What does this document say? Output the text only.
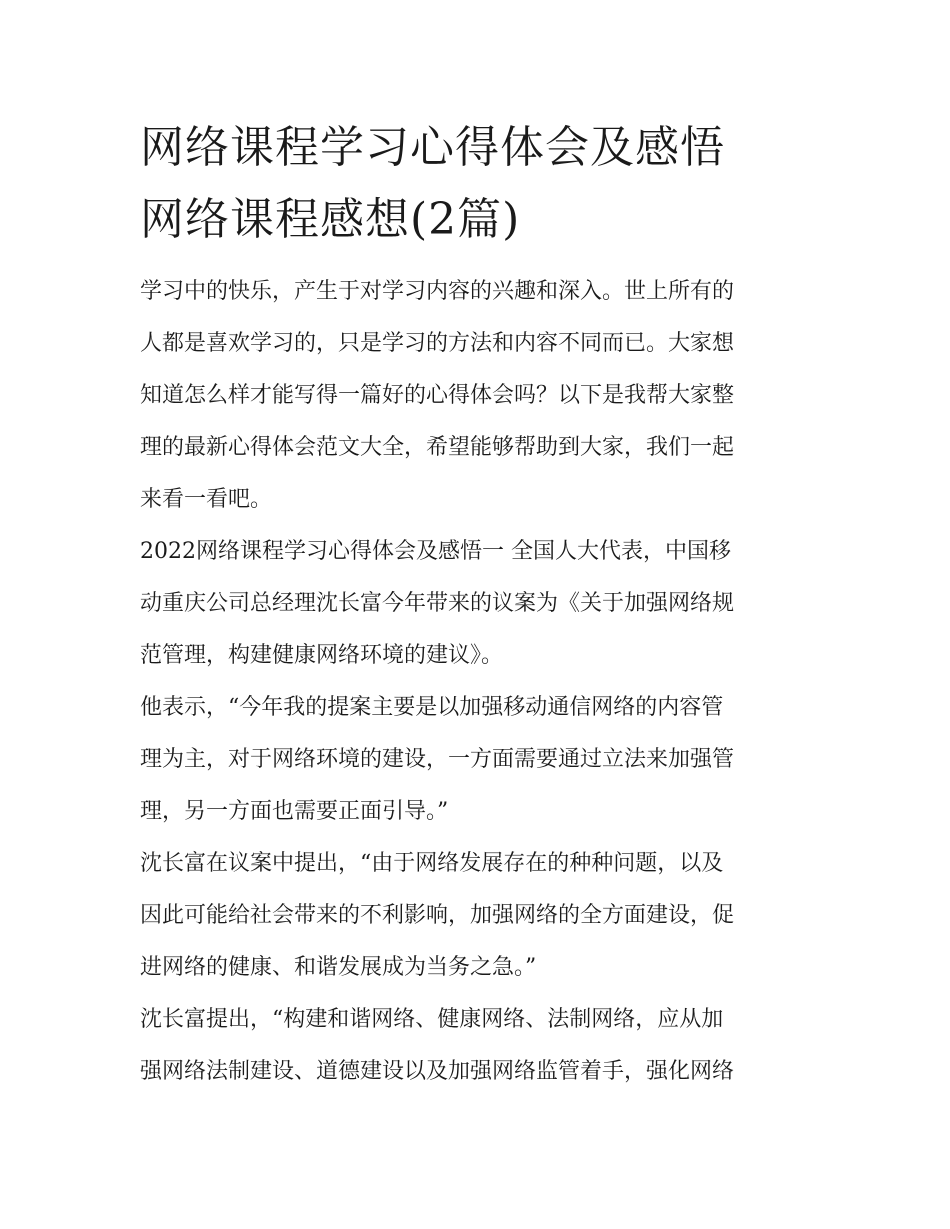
网络课程学习心得体会及感悟
网络课程感想(2篇)

学习中的快乐，产生于对学习内容的兴趣和深入。世上所有的
人都是喜欢学习的，只是学习的方法和内容不同而已。大家想
知道怎么样才能写得一篇好的心得体会吗？以下是我帮大家整
理的最新心得体会范文大全，希望能够帮助到大家，我们一起
来看一看吧。

2022网络课程学习心得体会及感悟一 全国人大代表，中国移
动重庆公司总经理沈长富今年带来的议案为《关于加强网络规
范管理，构建健康网络环境的建议》。

他表示，“今年我的提案主要是以加强移动通信网络的内容管
理为主，对于网络环境的建设，一方面需要通过立法来加强管
理，另一方面也需要正面引导。”

沈长富在议案中提出，“由于网络发展存在的种种问题，以及
因此可能给社会带来的不利影响，加强网络的全方面建设，促
进网络的健康、和谐发展成为当务之急。”

沈长富提出，“构建和谐网络、健康网络、法制网络，应从加
强网络法制建设、道德建设以及加强网络监管着手，强化网络
